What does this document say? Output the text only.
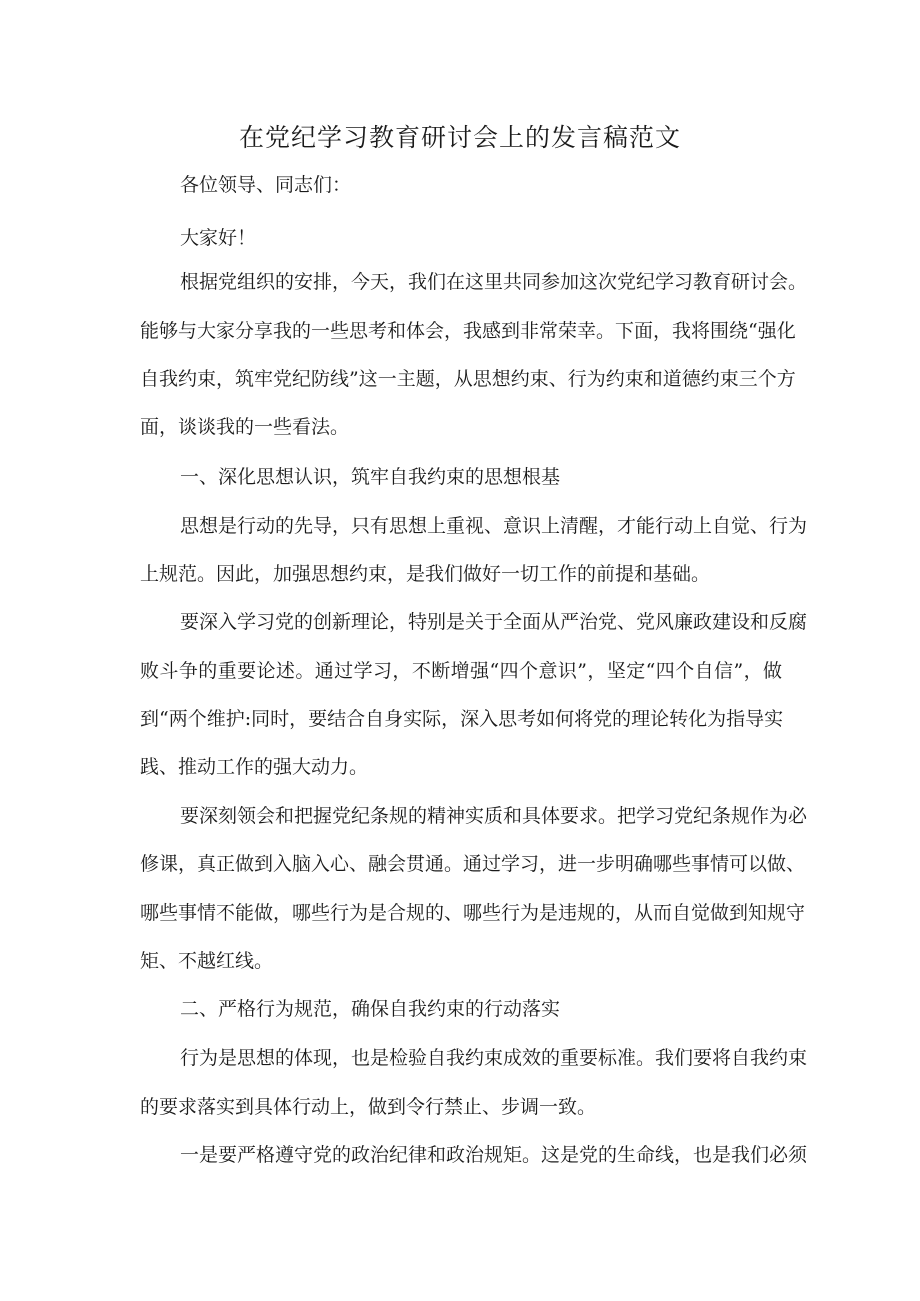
在党纪学习教育研讨会上的发言稿范文

各位领导、同志们：

大家好！

根据党组织的安排，今天，我们在这里共同参加这次党纪学习教育研讨会。

能够与大家分享我的一些思考和体会，我感到非常荣幸。下面，我将围绕“强化

自我约束，筑牢党纪防线”这一主题，从思想约束、行为约束和道德约束三个方

面，谈谈我的一些看法。

一、深化思想认识，筑牢自我约束的思想根基

思想是行动的先导，只有思想上重视、意识上清醒，才能行动上自觉、行为

上规范。因此，加强思想约束，是我们做好一切工作的前提和基础。

要深入学习党的创新理论，特别是关于全面从严治党、党风廉政建设和反腐

败斗争的重要论述。通过学习，不断增强“四个意识”，坚定“四个自信”，做

到“两个维护:同时，要结合自身实际，深入思考如何将党的理论转化为指导实

践、推动工作的强大动力。

要深刻领会和把握党纪条规的精神实质和具体要求。把学习党纪条规作为必

修课，真正做到入脑入心、融会贯通。通过学习，进一步明确哪些事情可以做、

哪些事情不能做，哪些行为是合规的、哪些行为是违规的，从而自觉做到知规守

矩、不越红线。

二、严格行为规范，确保自我约束的行动落实

行为是思想的体现，也是检验自我约束成效的重要标准。我们要将自我约束

的要求落实到具体行动上，做到令行禁止、步调一致。

一是要严格遵守党的政治纪律和政治规矩。这是党的生命线，也是我们必须
